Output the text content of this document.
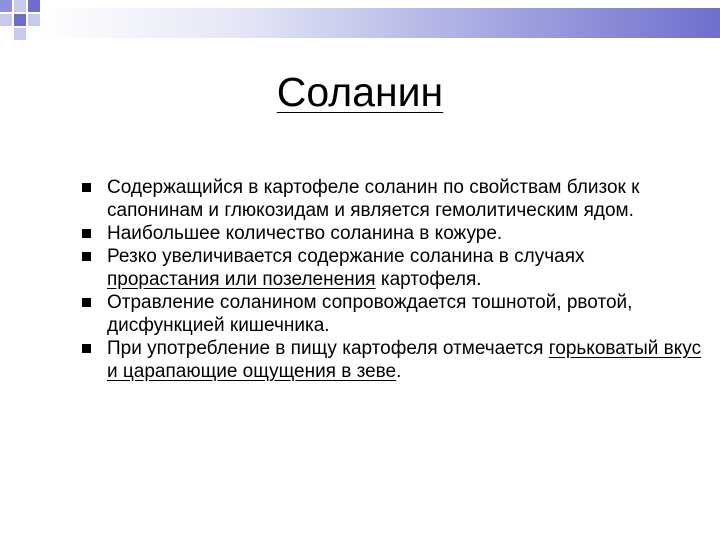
Соланин
Содержащийся в картофеле соланин по свойствам близок к сапонинам и глюкозидам и является гемолитическим ядом.
Наибольшее количество соланина в кожуре.
Резко увеличивается содержание соланина в случаях прорастания или позеленения картофеля.
Отравление соланином сопровождается тошнотой, рвотой, дисфункцией кишечника.
При употребление в пищу картофеля отмечается горьковатый вкус и царапающие ощущения в зеве.
